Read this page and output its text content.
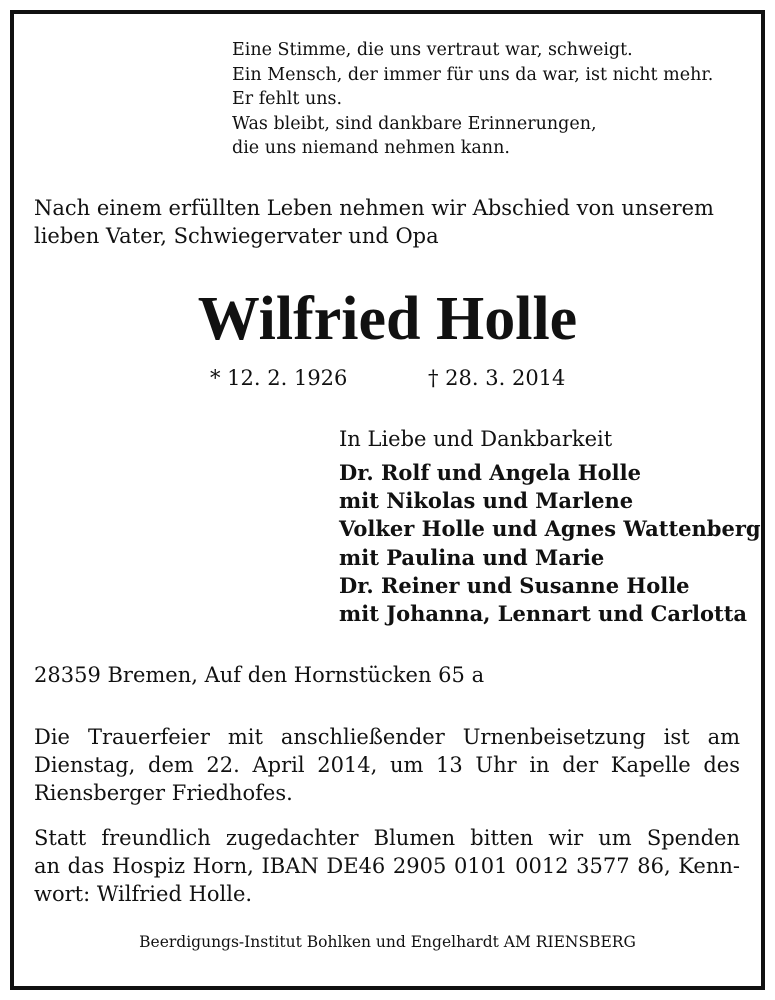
Eine Stimme, die uns vertraut war, schweigt.
Ein Mensch, der immer für uns da war, ist nicht mehr.
Er fehlt uns.
Was bleibt, sind dankbare Erinnerungen,
die uns niemand nehmen kann.
Nach einem erfüllten Leben nehmen wir Abschied von unserem
lieben Vater, Schwiegervater und Opa
Wilfried Holle
* 12. 2. 1926	† 28. 3. 2014
In Liebe und Dankbarkeit
Dr. Rolf und Angela Holle
mit Nikolas und Marlene
Volker Holle und Agnes Wattenberg
mit Paulina und Marie
Dr. Reiner und Susanne Holle
mit Johanna, Lennart und Carlotta
28359 Bremen, Auf den Hornstücken 65 a
Die Trauerfeier mit anschließender Urnenbeisetzung ist am
Dienstag, dem 22. April 2014, um 13 Uhr in der Kapelle des
Riensberger Friedhofes.
Statt freundlich zugedachter Blumen bitten wir um Spenden
an das Hospiz Horn, IBAN DE46 2905 0101 0012 3577 86, Kenn-
wort: Wilfried Holle.
Beerdigungs-Institut Bohlken und Engelhardt AM RIENSBERG
